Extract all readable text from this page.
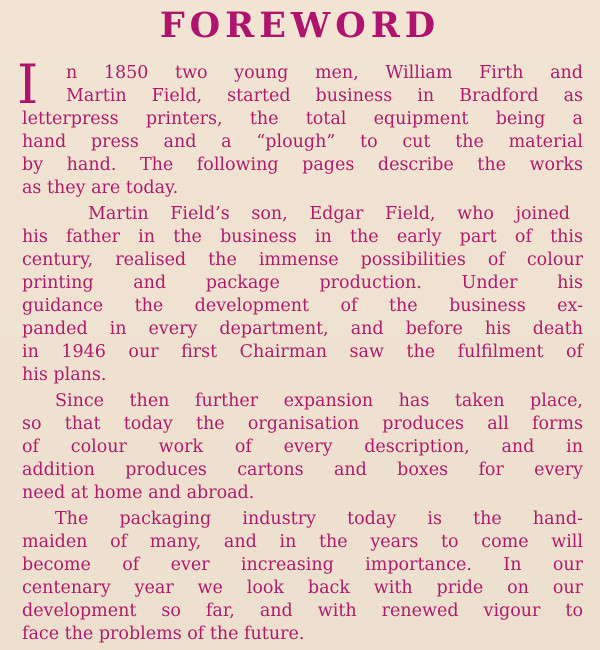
FOREWORD
I	n 1850 two young men, William Firth and
Martin Field, started business in Bradford as
letterpress printers, the total equipment being a
hand press and a “plough” to cut the material
by hand. The following pages describe the works
as they are today.
Martin Field’s son, Edgar Field, who joined
his father in the business in the early part of this
century, realised the immense possibilities of colour
printing and package production. Under his
guidance the development of the business ex-
panded in every department, and before his death
in 1946 our first Chairman saw the fulfilment of
his plans.
Since then further expansion has taken place,
so that today the organisation produces all forms
of colour work of every description, and in
addition produces cartons and boxes for every
need at home and abroad.
The packaging industry today is the hand-
maiden of many, and in the years to come will
become of ever increasing importance. In our
centenary year we look back with pride on our
development so far, and with renewed vigour to
face the problems of the future.
